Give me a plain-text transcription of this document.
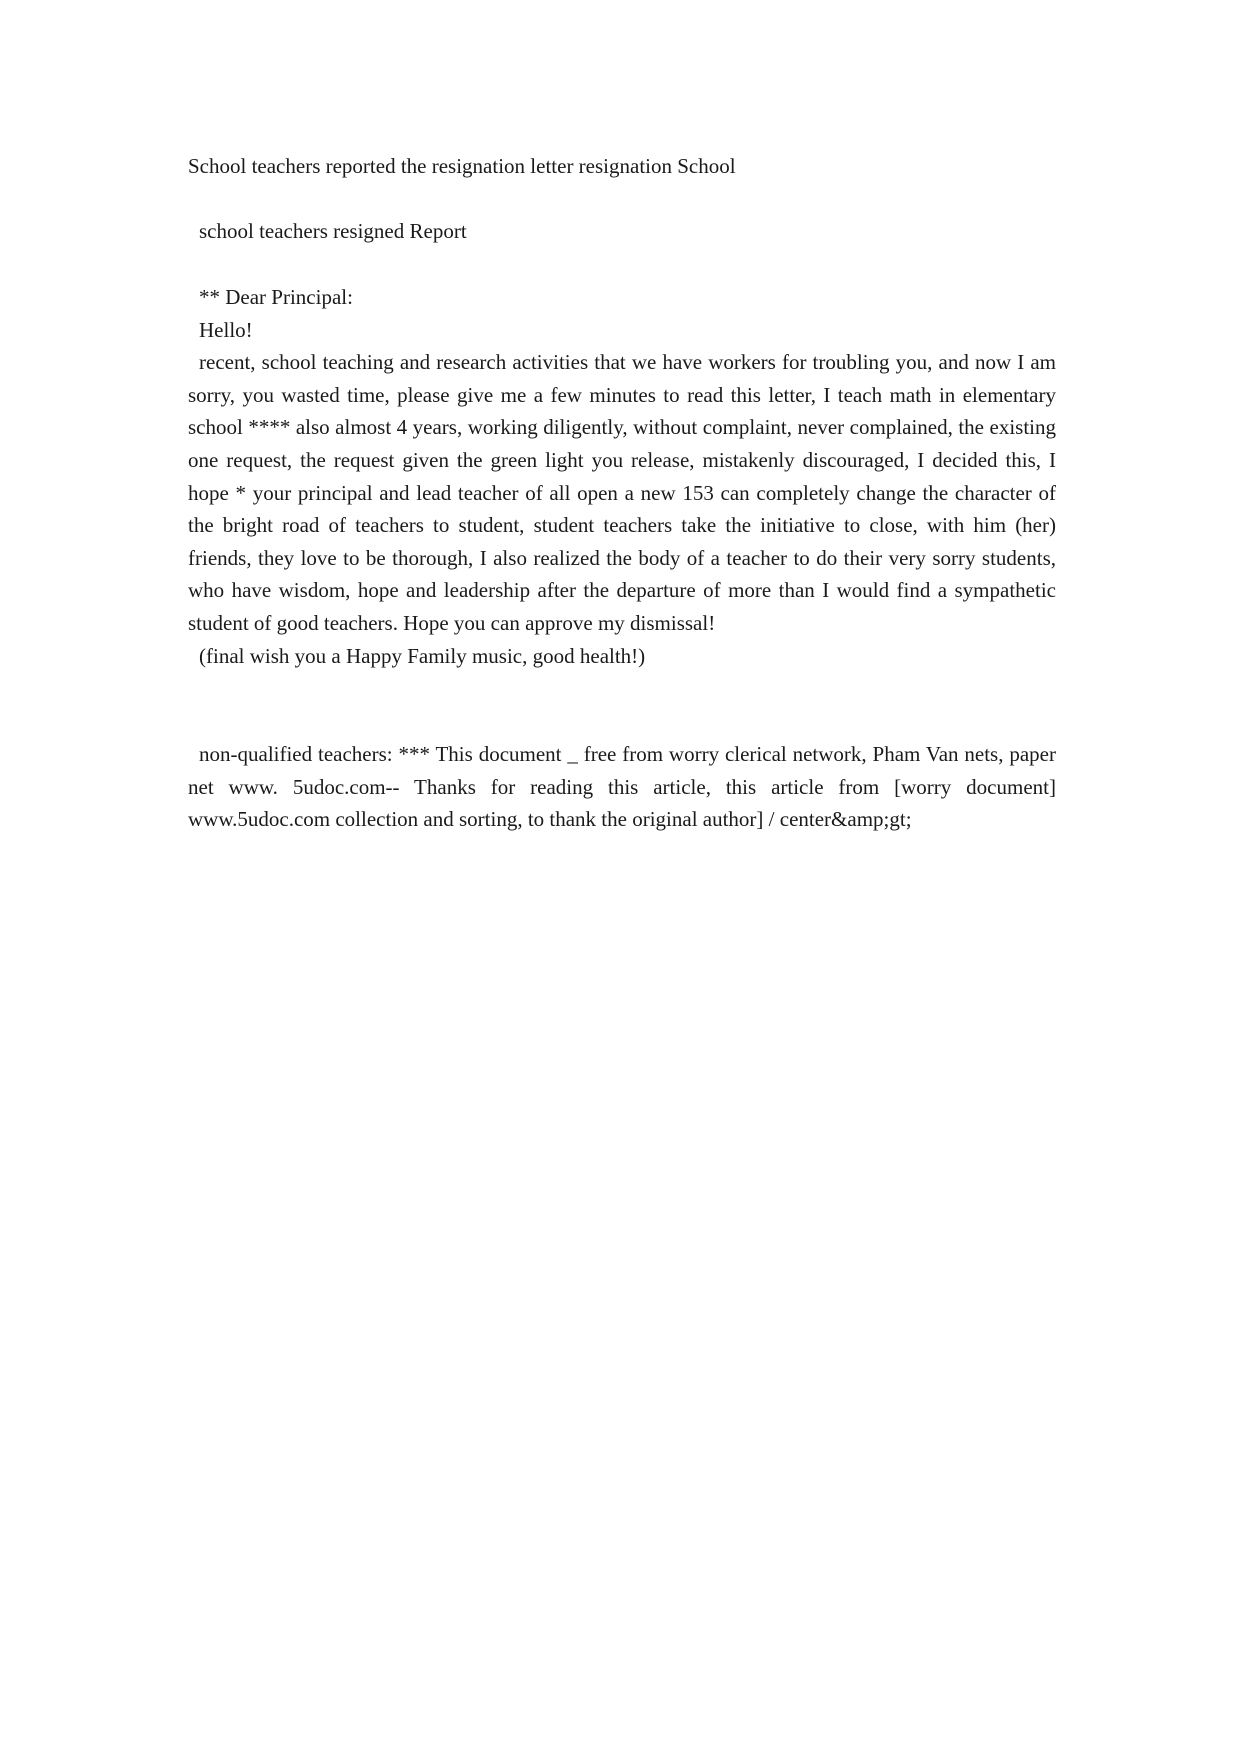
School teachers reported the resignation letter resignation School

school teachers resigned Report

** Dear Principal:
Hello!
recent, school teaching and research activities that we have workers for troubling you, and now I am sorry, you wasted time, please give me a few minutes to read this letter, I teach math in elementary school **** also almost 4 years, working diligently, without complaint, never complained, the existing one request, the request given the green light you release, mistakenly discouraged, I decided this, I hope * your principal and lead teacher of all open a new 153 can completely change the character of the bright road of teachers to student, student teachers take the initiative to close, with him (her) friends, they love to be thorough, I also realized the body of a teacher to do their very sorry students, who have wisdom, hope and leadership after the departure of more than I would find a sympathetic student of good teachers. Hope you can approve my dismissal!
(final wish you a Happy Family music, good health!)

non-qualified teachers: *** This document _ free from worry clerical network, Pham Van nets, paper net www. 5udoc.com-- Thanks for reading this article, this article from [worry document] www.5udoc.com collection and sorting, to thank the original author] / center&amp;gt;
